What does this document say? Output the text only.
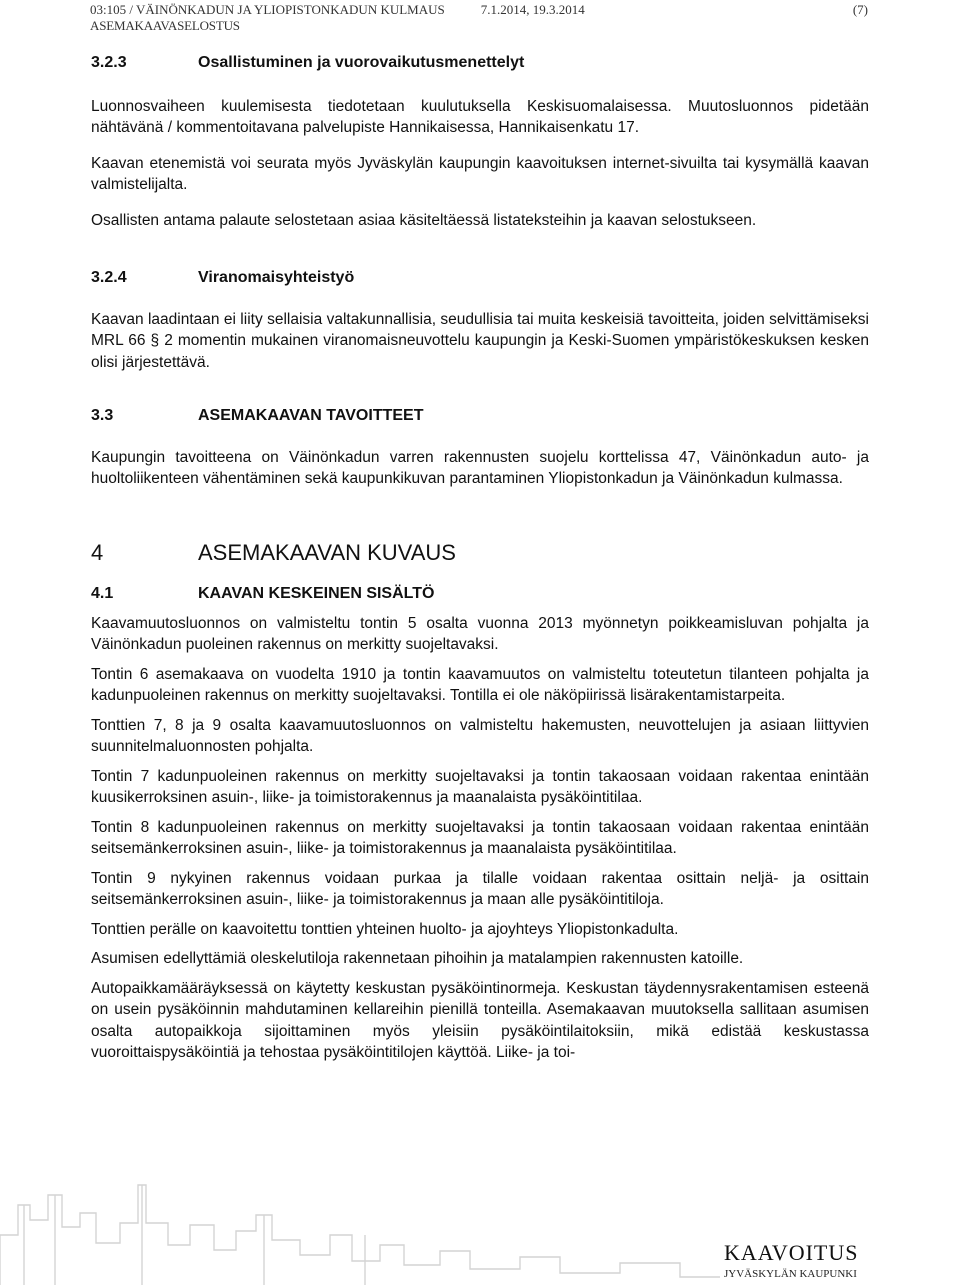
03:105 / VÄINÖNKADUN JA YLIOPISTONKADUN KULMAUS	7.1.2014, 19.3.2014	(7)
ASEMAKAAVASELOSTUS
3.2.3	Osallistuminen ja vuorovaikutusmenettelyt

Luonnosvaiheen kuulemisesta tiedotetaan kuulutuksella Keskisuomalaisessa. Muutosluonnos pidetään nähtävänä / kommentoitavana palvelupiste Hannikaisessa, Hannikaisenkatu 17.

Kaavan etenemistä voi seurata myös Jyväskylän kaupungin kaavoituksen internet-sivuilta tai kysymällä kaavan valmistelijalta.

Osallisten antama palaute selostetaan asiaa käsiteltäessä listateksteihin ja kaavan selostukseen.

3.2.4	Viranomaisyhteistyö

Kaavan laadintaan ei liity sellaisia valtakunnallisia, seudullisia tai muita keskeisiä tavoitteita, joiden selvittämiseksi MRL 66 § 2 momentin mukainen viranomaisneuvottelu kaupungin ja Keski-Suomen ympäristökeskuksen kesken olisi järjestettävä.

3.3	ASEMAKAAVAN TAVOITTEET

Kaupungin tavoitteena on Väinönkadun varren rakennusten suojelu korttelissa 47, Väinönkadun auto- ja huoltoliikenteen vähentäminen sekä kaupunkikuvan parantaminen Yliopistonkadun ja Väinönkadun kulmassa.

4	ASEMAKAAVAN KUVAUS
4.1	KAAVAN KESKEINEN SISÄLTÖ

Kaavamuutosluonnos on valmisteltu tontin 5 osalta vuonna 2013 myönnetyn poikkeamisluvan pohjalta ja Väinönkadun puoleinen rakennus on merkitty suojeltavaksi.

Tontin 6 asemakaava on vuodelta 1910 ja tontin kaavamuutos on valmisteltu toteutetun tilanteen pohjalta ja kadunpuoleinen rakennus on merkitty suojeltavaksi. Tontilla ei ole näköpiirissä lisärakentamistarpeita.

Tonttien 7, 8 ja 9 osalta kaavamuutosluonnos on valmisteltu hakemusten, neuvottelujen ja asiaan liittyvien suunnitelmaluonnosten pohjalta.

Tontin 7 kadunpuoleinen rakennus on merkitty suojeltavaksi ja tontin takaosaan voidaan rakentaa enintään kuusikerroksinen asuin-, liike- ja toimistorakennus ja maanalaista pysäköintitilaa.

Tontin 8 kadunpuoleinen rakennus on merkitty suojeltavaksi ja tontin takaosaan voidaan rakentaa enintään seitsemänkerroksinen asuin-, liike- ja toimistorakennus ja maanalaista pysäköintitilaa.

Tontin 9 nykyinen rakennus voidaan purkaa ja tilalle voidaan rakentaa osittain neljä- ja osittain seitsemänkerroksinen asuin-, liike- ja toimistorakennus ja maan alle pysäköintitiloja.

Tonttien perälle on kaavoitettu tonttien yhteinen huolto- ja ajoyhteys Yliopistonkadulta.

Asumisen edellyttämiä oleskelutiloja rakennetaan pihoihin ja matalampien rakennusten katoille.

Autopaikkamääräyksessä on käytetty keskustan pysäköintinormeja. Keskustan täydennysrakentamisen esteenä on usein pysäköinnin mahdutaminen kellareihin pienillä tonteilla. Asemakaavan muutoksella sallitaan asumisen osalta autopaikkoja sijoittaminen myös yleisiin pysäköintilaitoksiin, mikä edistää keskustassa vuoroittaispysäköintiä ja tehostaa pysäköintitilojen käyttöä. Liike- ja toi-

KAAVOITUS
JYVÄSKYLÄN KAUPUNKI
